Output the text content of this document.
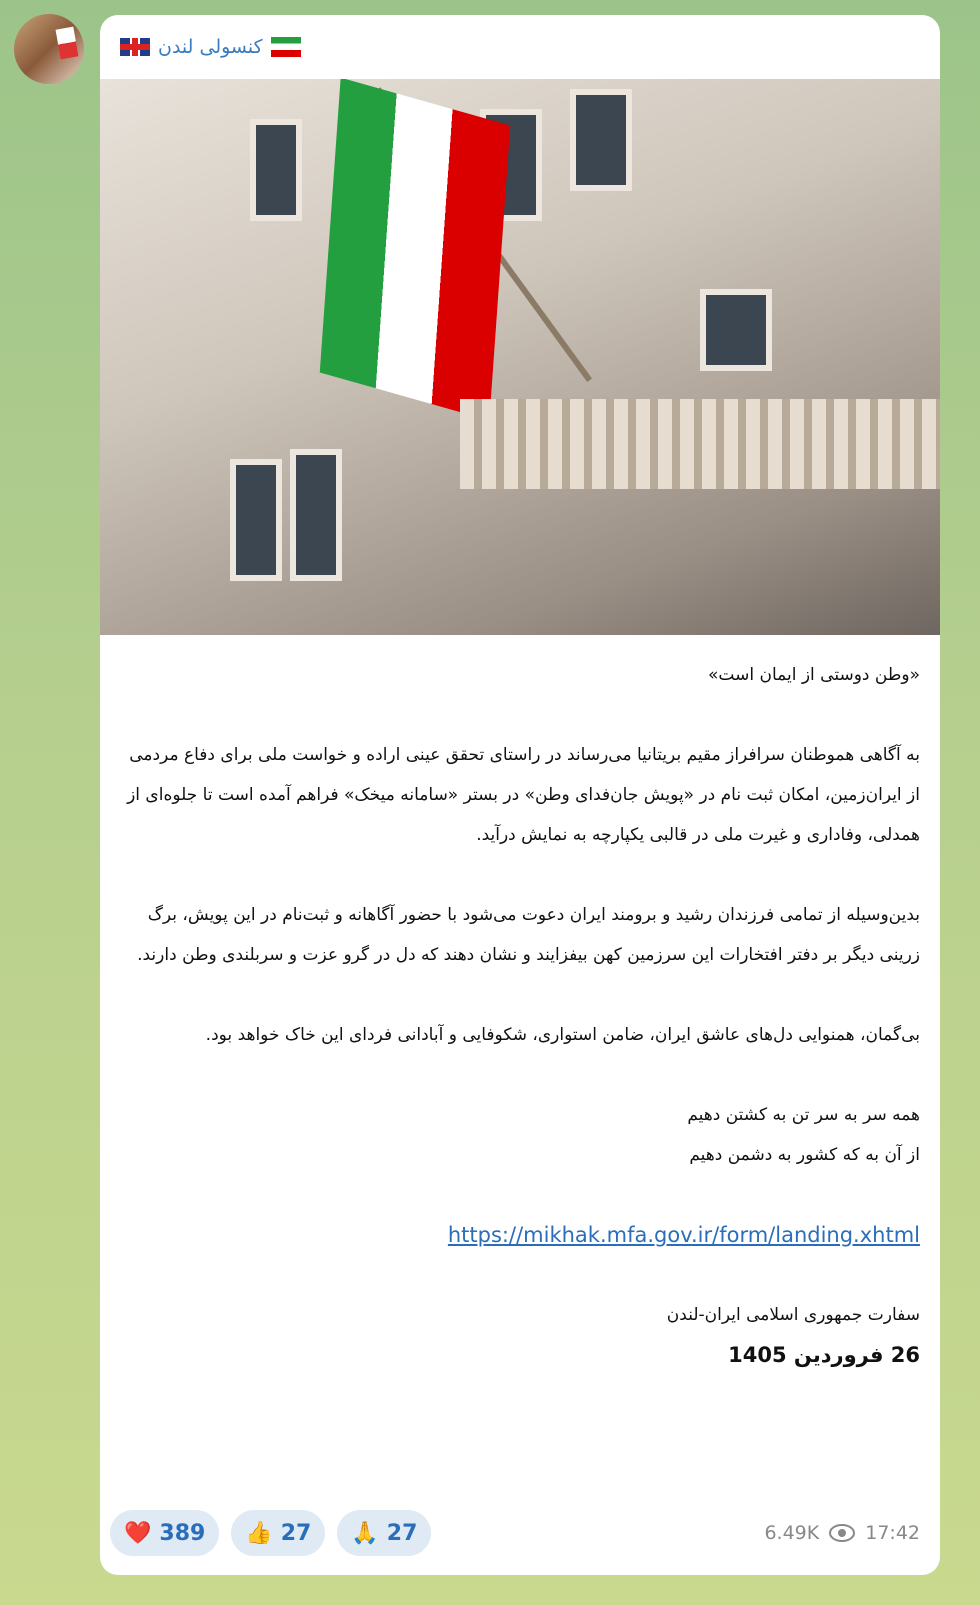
کنسولی لندن

«وطن دوستی از ایمان است»

به آگاهی هموطنان سرافراز مقیم بریتانیا می‌رساند در راستای تحقق عینی اراده و خواست ملی برای دفاع مردمی از ایران‌زمین، امکان ثبت نام در «پویش جان‌فدای وطن» در بستر «سامانه میخک» فراهم آمده است تا جلوه‌ای از همدلی، وفاداری و غیرت ملی در قالبی یکپارچه به نمایش درآید.

بدین‌وسیله از تمامی فرزندان رشید و برومند ایران دعوت می‌شود با حضور آگاهانه و ثبت‌نام در این پویش، برگ زرینی دیگر بر دفتر افتخارات این سرزمین کهن بیفزایند و نشان دهند که دل در گرو عزت و سربلندی وطن دارند.

بی‌گمان، همنوایی دل‌های عاشق ایران، ضامن استواری، شکوفایی و آبادانی فردای این خاک خواهد بود.

همه سر به سر تن به کشتن دهیم
از آن به که کشور به دشمن دهیم

https://mikhak.mfa.gov.ir/form/landing.xhtml

سفارت جمهوری اسلامی ایران-لندن
26 فروردین 1405

❤️ 389 👍 27 🙏 27	6.49K 17:42
